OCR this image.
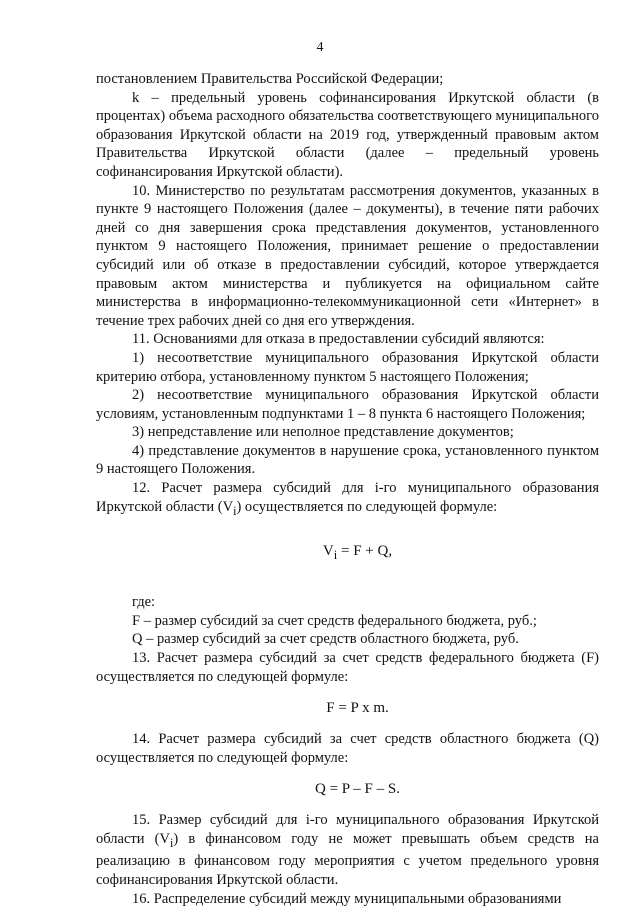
4

постановлением Правительства Российской Федерации;

k – предельный уровень софинансирования Иркутской области (в процентах) объема расходного обязательства соответствующего муниципального образования Иркутской области на 2019 год, утвержденный правовым актом Правительства Иркутской области (далее – предельный уровень софинансирования Иркутской области).

10. Министерство по результатам рассмотрения документов, указанных в пункте 9 настоящего Положения (далее – документы), в течение пяти рабочих дней со дня завершения срока представления документов, установленного пунктом 9 настоящего Положения, принимает решение о предоставлении субсидий или об отказе в предоставлении субсидий, которое утверждается правовым актом министерства и публикуется на официальном сайте министерства в информационно-телекоммуникационной сети «Интернет» в течение трех рабочих дней со дня его утверждения.

11. Основаниями для отказа в предоставлении субсидий являются:

1) несоответствие муниципального образования Иркутской области критерию отбора, установленному пунктом 5 настоящего Положения;

2) несоответствие муниципального образования Иркутской области условиям, установленным подпунктами 1 – 8 пункта 6 настоящего Положения;

3) непредставление или неполное представление документов;

4) представление документов в нарушение срока, установленного пунктом 9 настоящего Положения.

12. Расчет размера субсидий для i-го муниципального образования Иркутской области $(V_i)$ осуществляется по следующей формуле:

$V_i = F + Q$,

где:

F – размер субсидий за счет средств федерального бюджета, руб.;

Q – размер субсидий за счет средств областного бюджета, руб.

13. Расчет размера субсидий за счет средств федерального бюджета (F) осуществляется по следующей формуле:

F = P x m.

14. Расчет размера субсидий за счет средств областного бюджета (Q) осуществляется по следующей формуле:

Q = P – F – S.

15. Размер субсидий для i-го муниципального образования Иркутской области $(V_i)$ в финансовом году не может превышать объем средств на реализацию в финансовом году мероприятия с учетом предельного уровня софинансирования Иркутской области.

16. Распределение субсидий между муниципальными образованиями
